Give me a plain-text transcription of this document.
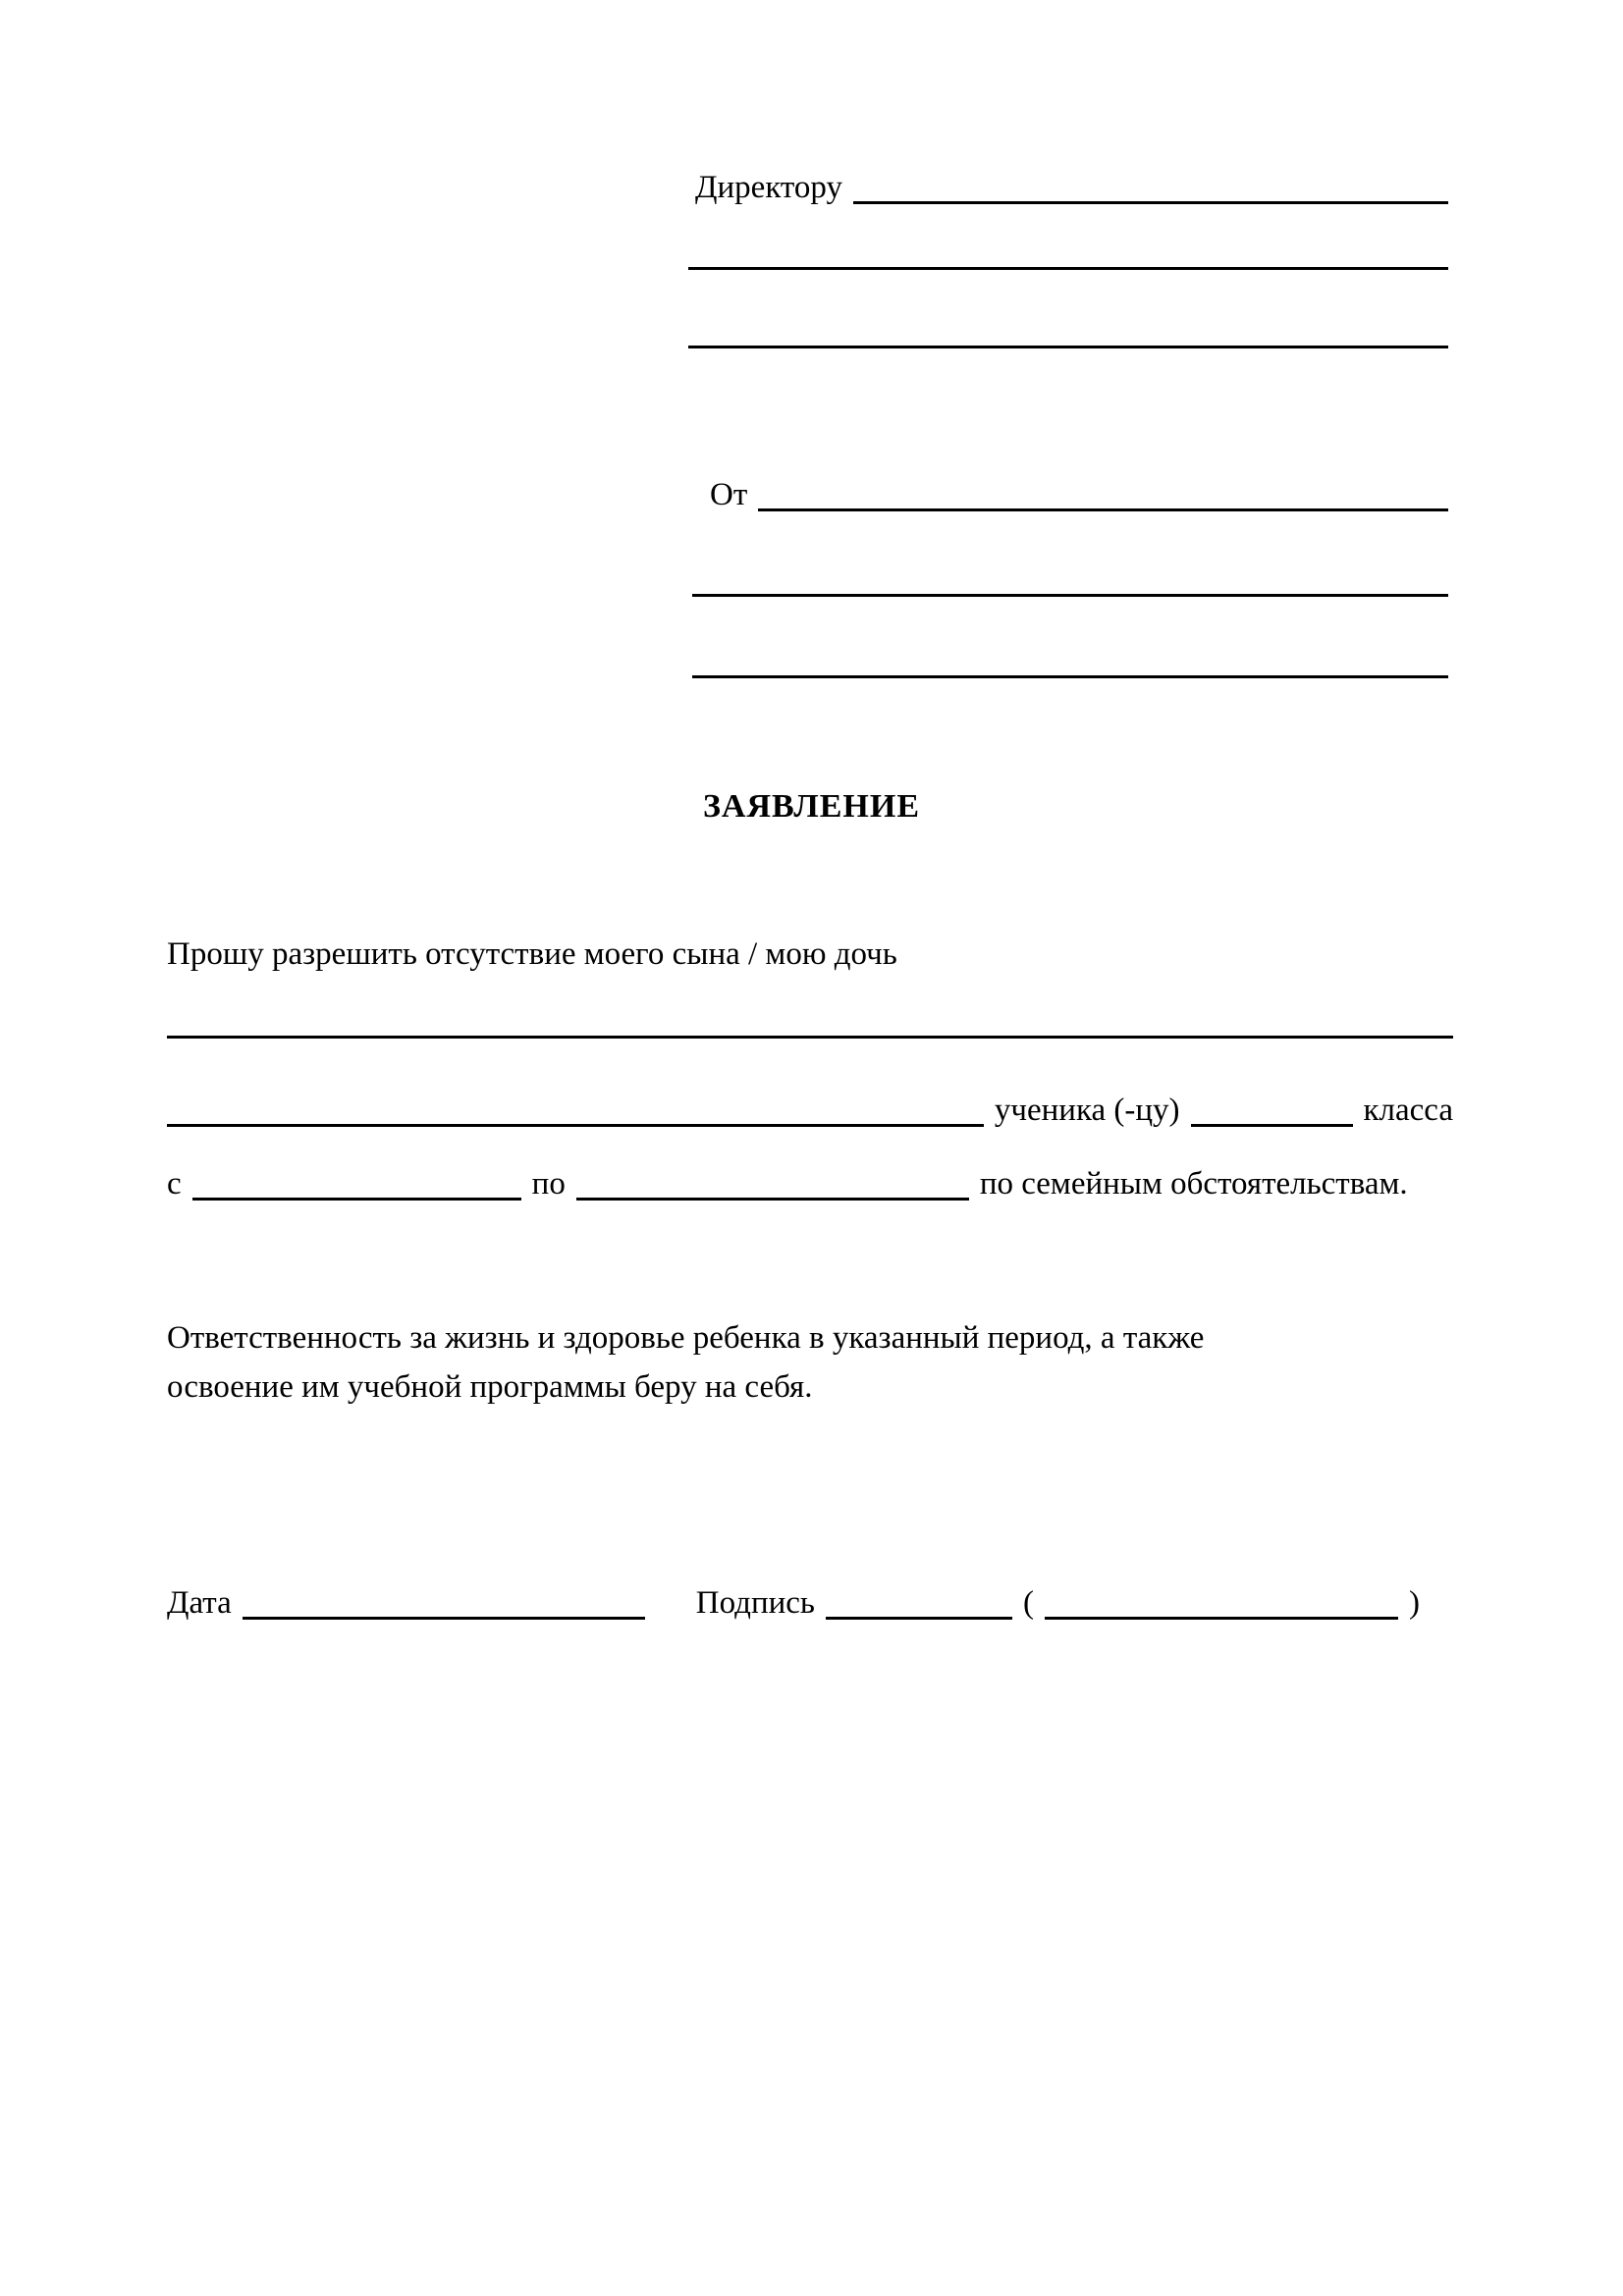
Директору
От
ЗАЯВЛЕНИЕ
Прошу разрешить отсутствие моего сына / мою дочь
ученика (-цу)	класса
с	по	по семейным обстоятельствам.
Ответственность за жизнь и здоровье ребенка в указанный период, а также
освоение им учебной программы беру на себя.
Дата	Подпись	(	)
